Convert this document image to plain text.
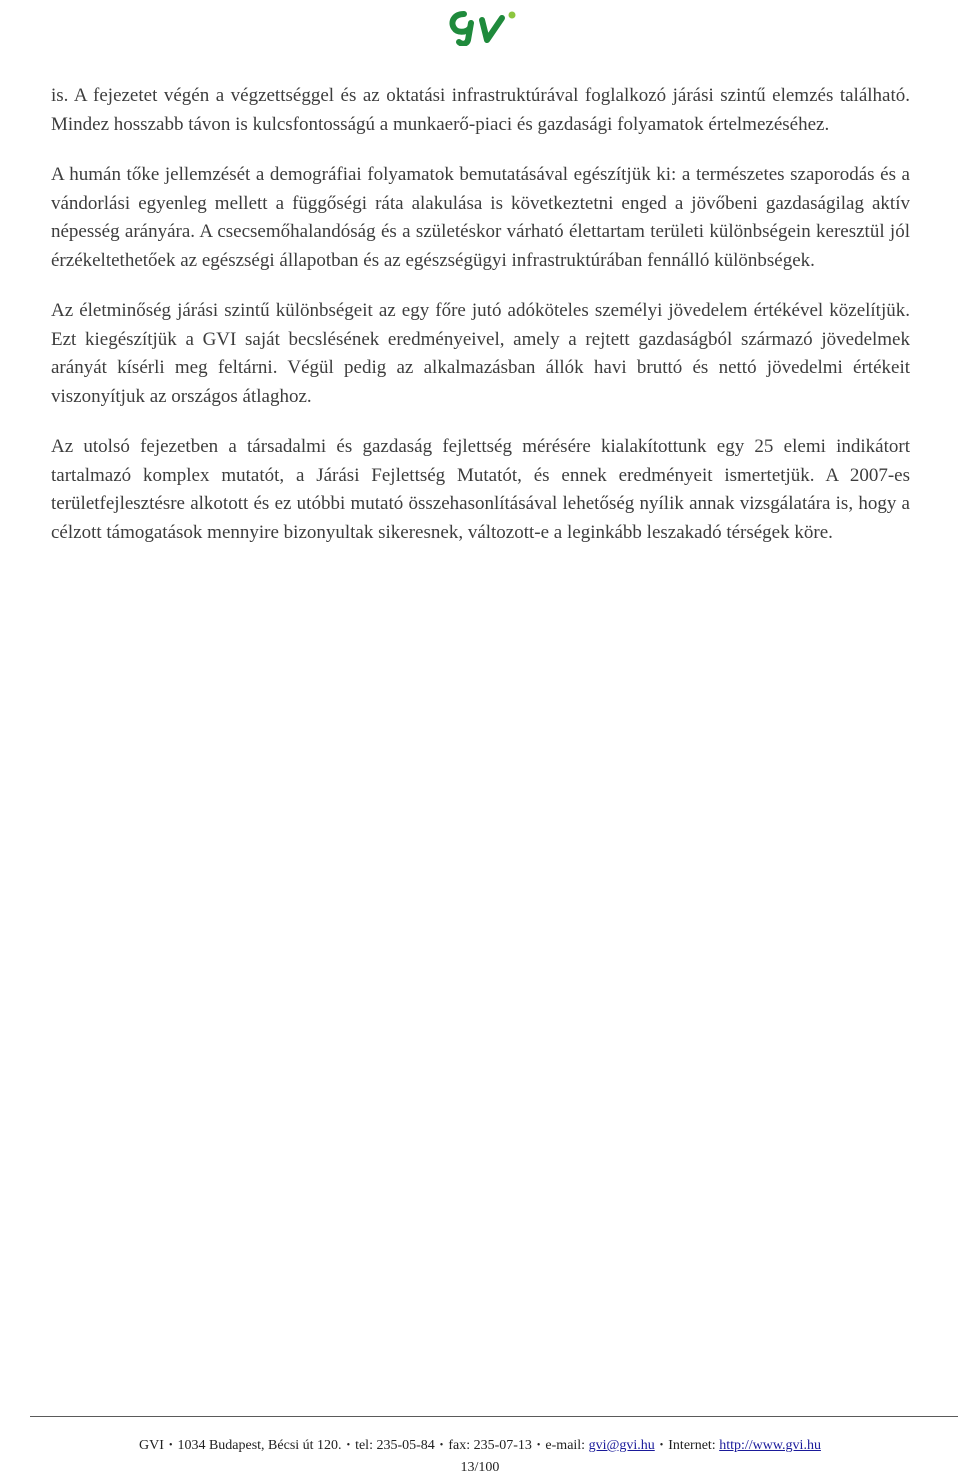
is. A fejezetet végén a végzettséggel és az oktatási infrastruktúrával foglalkozó járási szintű elemzés található. Mindez hosszabb távon is kulcsfontosságú a munkaerő-piaci és gazdasági folyamatok értelmezéséhez.

A humán tőke jellemzését a demográfiai folyamatok bemutatásával egészítjük ki: a természetes szaporodás és a vándorlási egyenleg mellett a függőségi ráta alakulása is következtetni enged a jövőbeni gazdaságilag aktív népesség arányára. A csecsemőhalandóság és a születéskor várható élettartam területi különbségein keresztül jól érzékeltethetőek az egészségi állapotban és az egészségügyi infrastruktúrában fennálló különbségek.

Az életminőség járási szintű különbségeit az egy főre jutó adóköteles személyi jövedelem értékével közelítjük. Ezt kiegészítjük a GVI saját becslésének eredményeivel, amely a rejtett gazdaságból származó jövedelmek arányát kísérli meg feltárni. Végül pedig az alkalmazásban állók havi bruttó és nettó jövedelmi értékeit viszonyítjuk az országos átlaghoz.

Az utolsó fejezetben a társadalmi és gazdaság fejlettség mérésére kialakítottunk egy 25 elemi indikátort tartalmazó komplex mutatót, a Járási Fejlettség Mutatót, és ennek eredményeit ismertetjük. A 2007-es területfejlesztésre alkotott és ez utóbbi mutató összehasonlításával lehetőség nyílik annak vizsgálatára is, hogy a célzott támogatások mennyire bizonyultak sikeresnek, változott-e a leginkább leszakadó térségek köre.

GVI • 1034 Budapest, Bécsi út 120. • tel: 235-05-84 • fax: 235-07-13 • e-mail: gvi@gvi.hu • Internet: http://www.gvi.hu
13/100
